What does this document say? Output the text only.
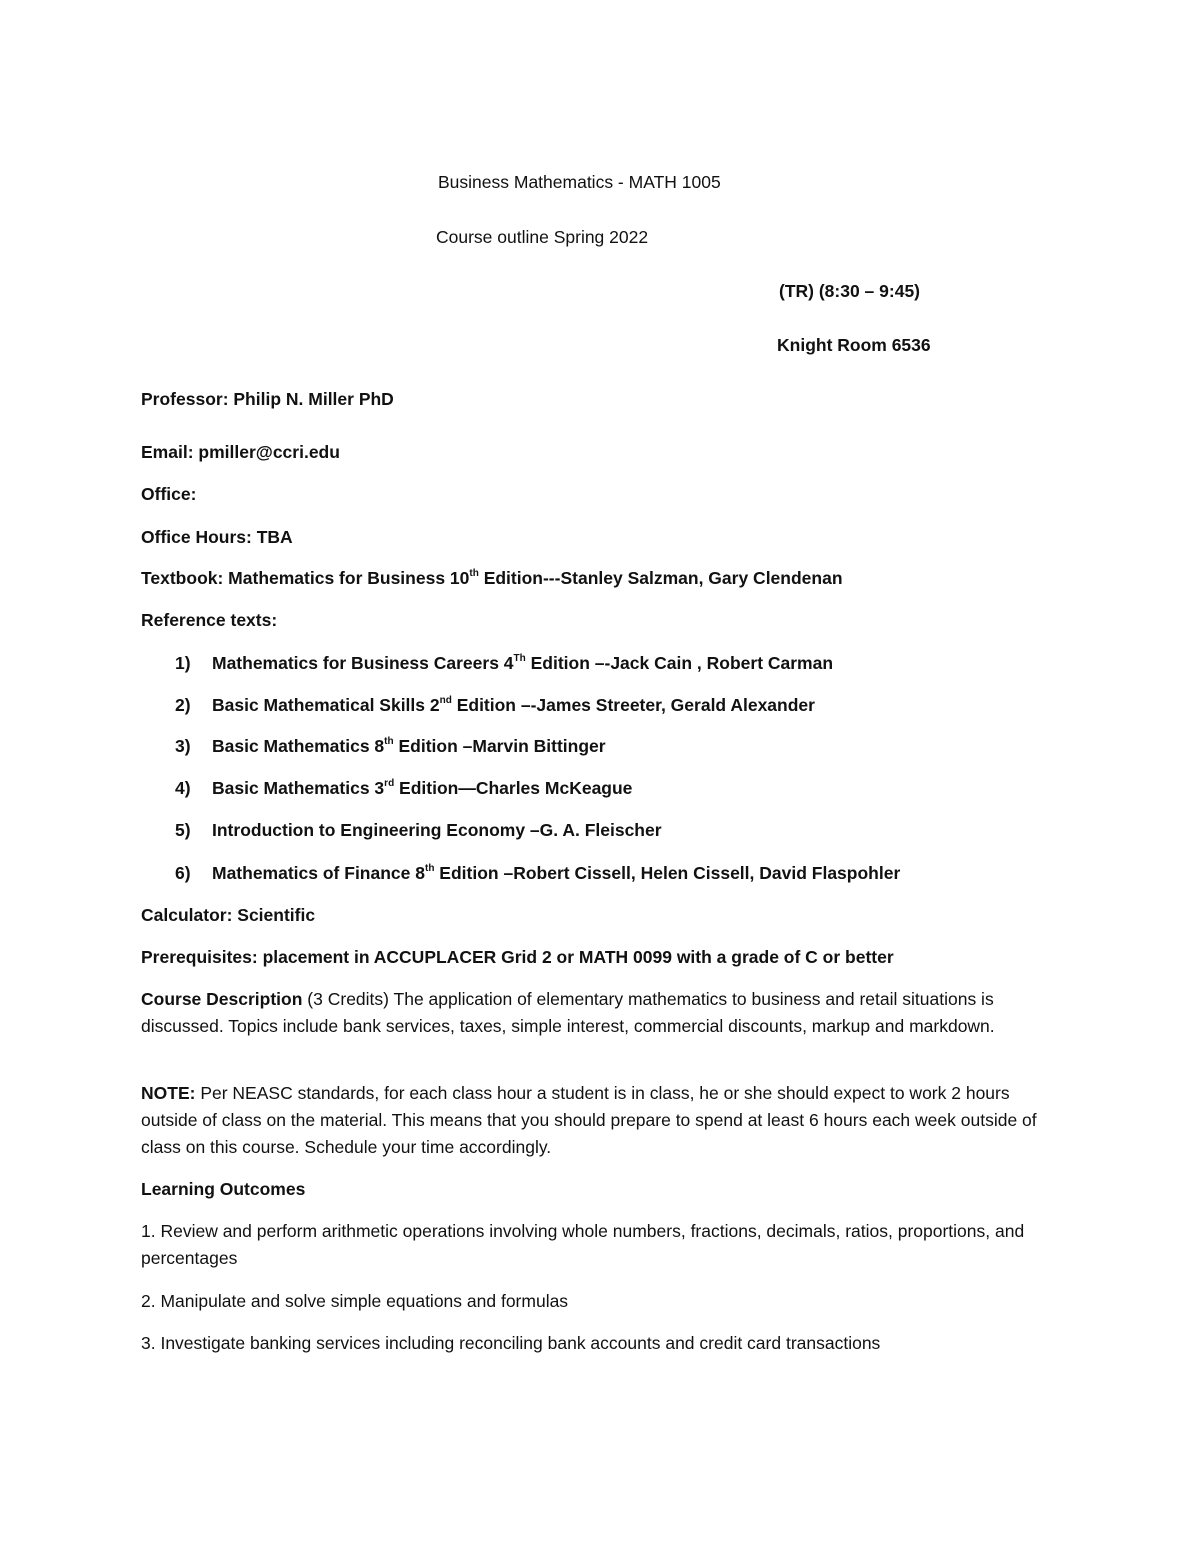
Business Mathematics - MATH 1005
Course outline Spring 2022
(TR) (8:30 – 9:45)
Knight Room 6536
Professor: Philip N. Miller PhD
Email: pmiller@ccri.edu
Office:
Office Hours: TBA
Textbook: Mathematics for Business 10th Edition---Stanley Salzman, Gary Clendenan
Reference texts:
1) Mathematics for Business Careers 4Th Edition –-Jack Cain , Robert Carman
2) Basic Mathematical Skills 2nd Edition –-James Streeter, Gerald Alexander
3) Basic Mathematics 8th Edition –Marvin Bittinger
4) Basic Mathematics 3rd Edition—Charles McKeague
5) Introduction to Engineering Economy –G. A. Fleischer
6) Mathematics of Finance 8th Edition –Robert Cissell, Helen Cissell, David Flaspohler
Calculator: Scientific
Prerequisites: placement in ACCUPLACER Grid 2 or MATH 0099 with a grade of C or better
Course Description (3 Credits) The application of elementary mathematics to business and retail situations is discussed. Topics include bank services, taxes, simple interest, commercial discounts, markup and markdown.
NOTE: Per NEASC standards, for each class hour a student is in class, he or she should expect to work 2 hours outside of class on the material. This means that you should prepare to spend at least 6 hours each week outside of class on this course. Schedule your time accordingly.
Learning Outcomes
1. Review and perform arithmetic operations involving whole numbers, fractions, decimals, ratios, proportions, and percentages
2. Manipulate and solve simple equations and formulas
3. Investigate banking services including reconciling bank accounts and credit card transactions
